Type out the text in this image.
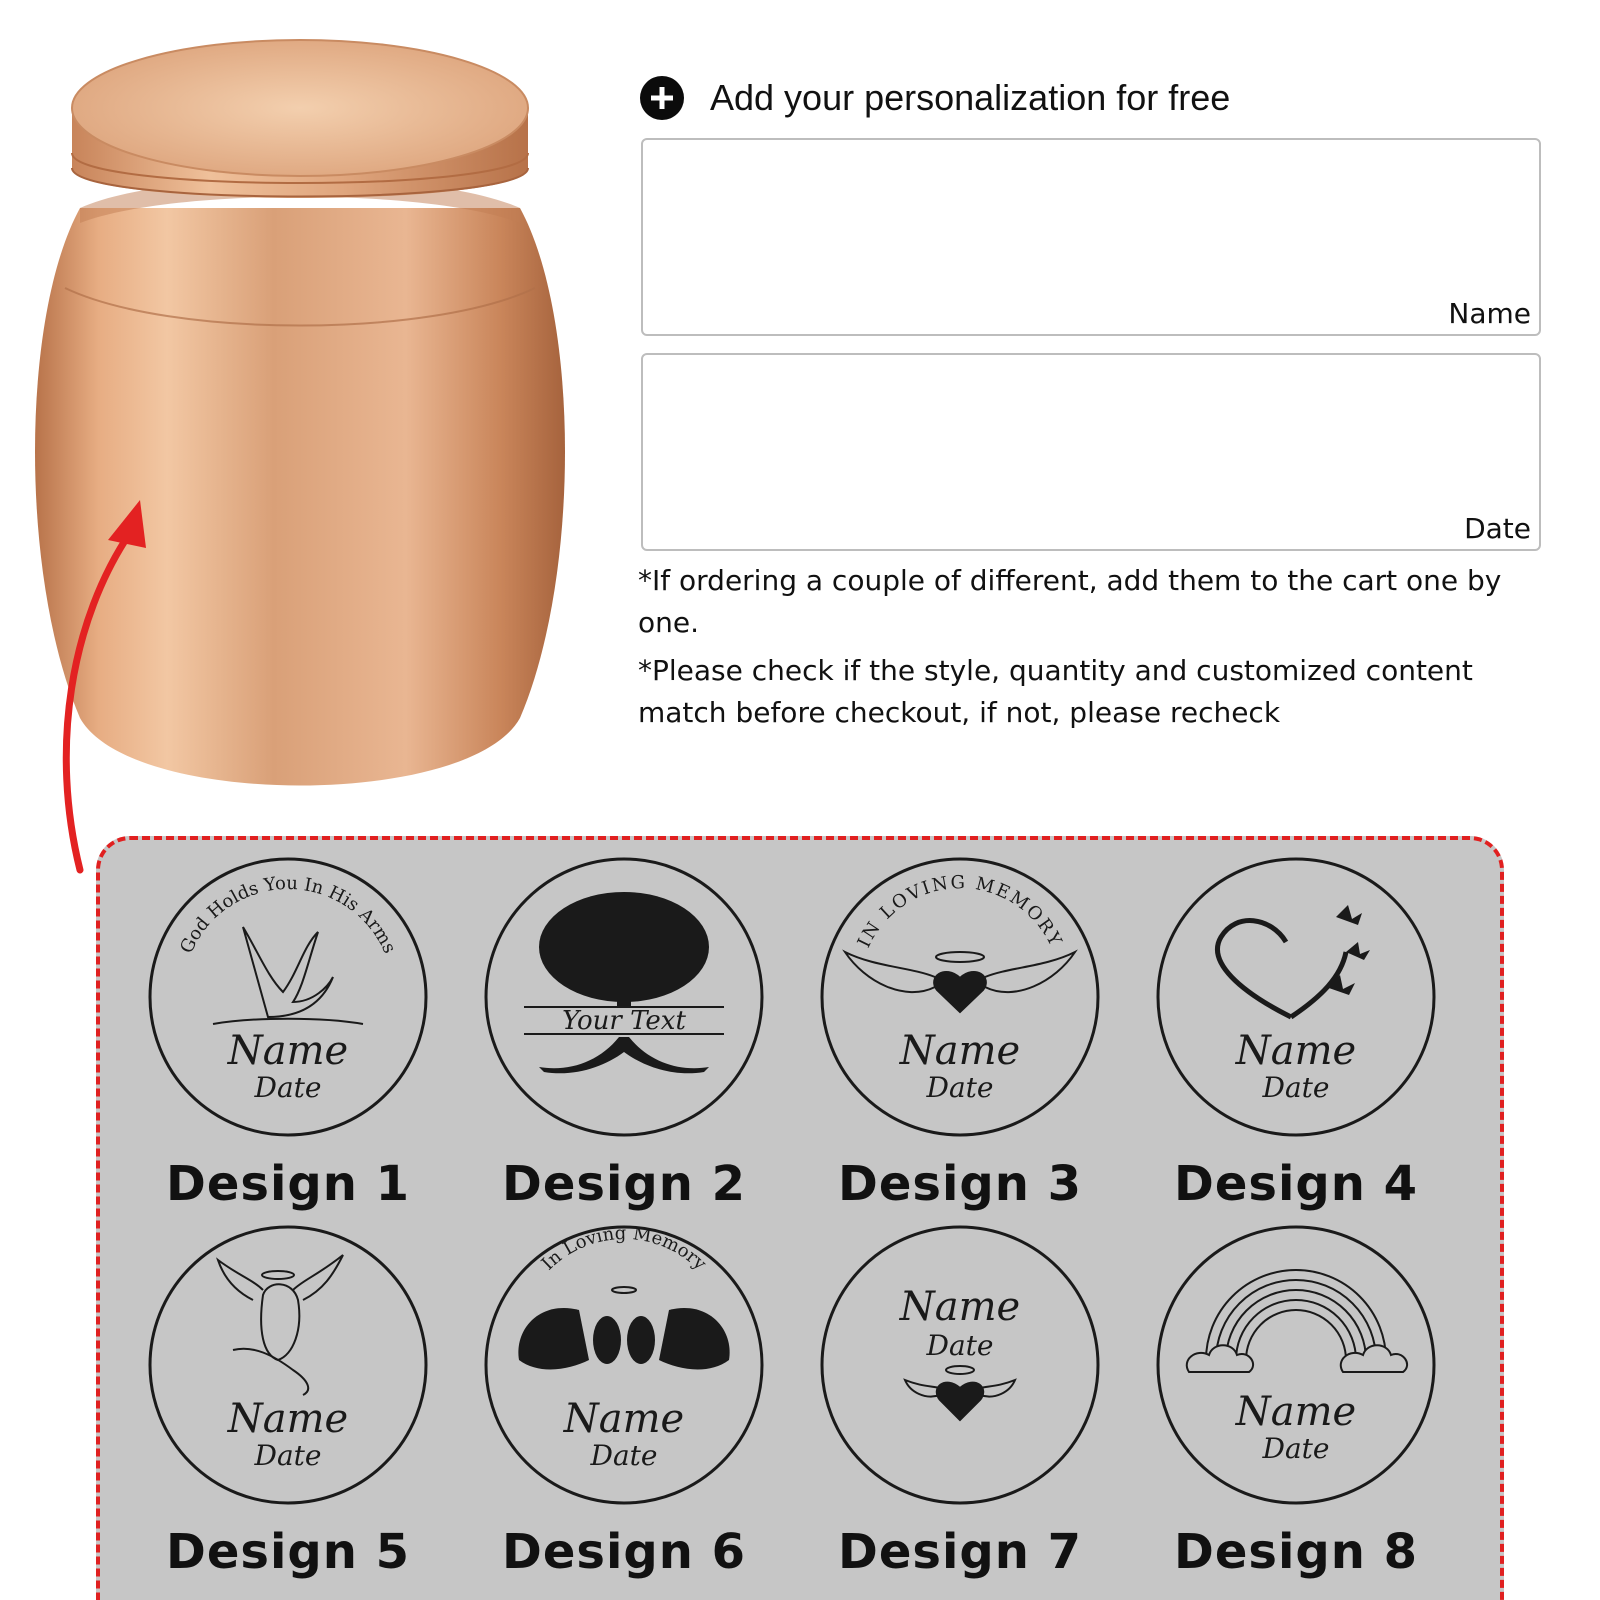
Add your personalization for free
Name
Date

*If ordering a couple of different, add them to the cart one by one.

*Please check if the style, quantity and customized content match before checkout, if not, please recheck

God Holds You In His Arms
Name
Date
Design 1
Your Text
Design 2
IN LOVING MEMORY
Name
Date
Design 3
Name
Date
Design 4
Name
Date
Design 5
In Loving Memory
Name
Date
Design 6
Name
Date
Design 7
Name
Date
Design 8
